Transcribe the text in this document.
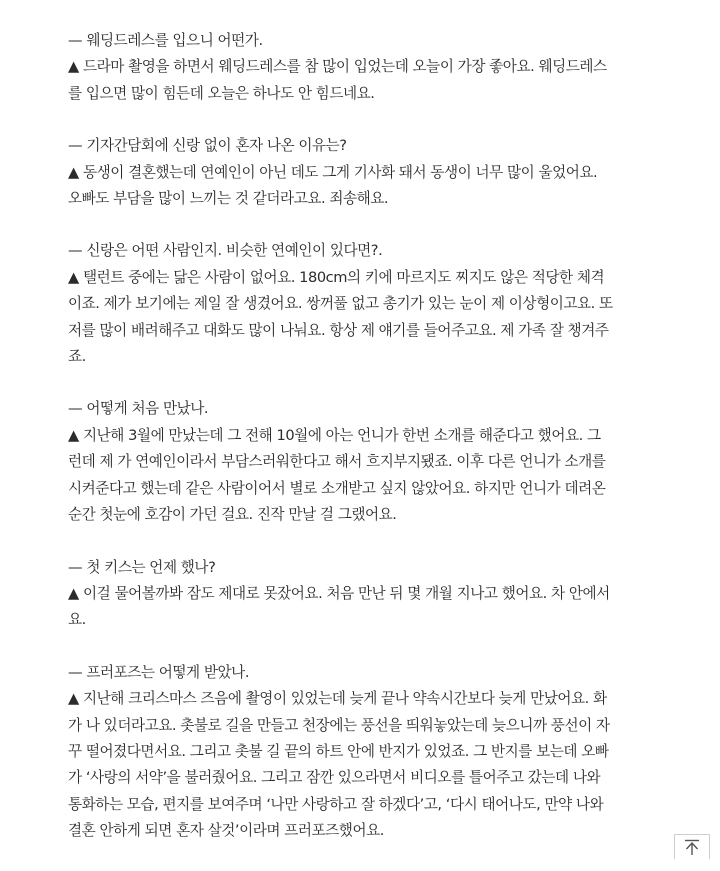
— 웨딩드레스를 입으니 어떤가.
▲ 드라마 촬영을 하면서 웨딩드레스를 참 많이 입었는데 오늘이 가장 좋아요. 웨딩드레스
를 입으면 많이 힘든데 오늘은 하나도 안 힘드네요.
— 기자간담회에 신랑 없이 혼자 나온 이유는?
▲ 동생이 결혼했는데 연예인이 아닌 데도 그게 기사화 돼서 동생이 너무 많이 울었어요.
오빠도 부담을 많이 느끼는 것 같더라고요. 죄송해요.
— 신랑은 어떤 사람인지. 비슷한 연예인이 있다면?.
▲ 탤런트 중에는 닮은 사람이 없어요. 180cm의 키에 마르지도 찌지도 않은 적당한 체격
이죠. 제가 보기에는 제일 잘 생겼어요. 쌍꺼풀 없고 총기가 있는 눈이 제 이상형이고요. 또
저를 많이 배려해주고 대화도 많이 나눠요. 항상 제 얘기를 들어주고요. 제 가족 잘 챙겨주
죠.
— 어떻게 처음 만났나.
▲ 지난해 3월에 만났는데 그 전해 10월에 아는 언니가 한번 소개를 해준다고 했어요. 그
런데 제 가 연예인이라서 부담스러워한다고 해서 흐지부지됐죠. 이후 다른 언니가 소개를
시켜준다고 했는데 같은 사람이어서 별로 소개받고 싶지 않았어요. 하지만 언니가 데려온
순간 첫눈에 호감이 가던 걸요. 진작 만날 걸 그랬어요.
— 첫 키스는 언제 했나?
▲ 이걸 물어볼까봐 잠도 제대로 못잤어요. 처음 만난 뒤 몇 개월 지나고 했어요. 차 안에서
요.
— 프러포즈는 어떻게 받았나.
▲ 지난해 크리스마스 즈음에 촬영이 있었는데 늦게 끝나 약속시간보다 늦게 만났어요. 화
가 나 있더라고요. 촛불로 길을 만들고 천장에는 풍선을 띄워놓았는데 늦으니까 풍선이 자
꾸 떨어졌다면서요. 그리고 촛불 길 끝의 하트 안에 반지가 있었죠. 그 반지를 보는데 오빠
가 ‘사랑의 서약’을 불러줬어요. 그리고 잠깐 있으라면서 비디오를 틀어주고 갔는데 나와
통화하는 모습, 편지를 보여주며 ‘나만 사랑하고 잘 하겠다’고, ‘다시 태어나도, 만약 나와
결혼 안하게 되면 혼자 살것’이라며 프러포즈했어요.
